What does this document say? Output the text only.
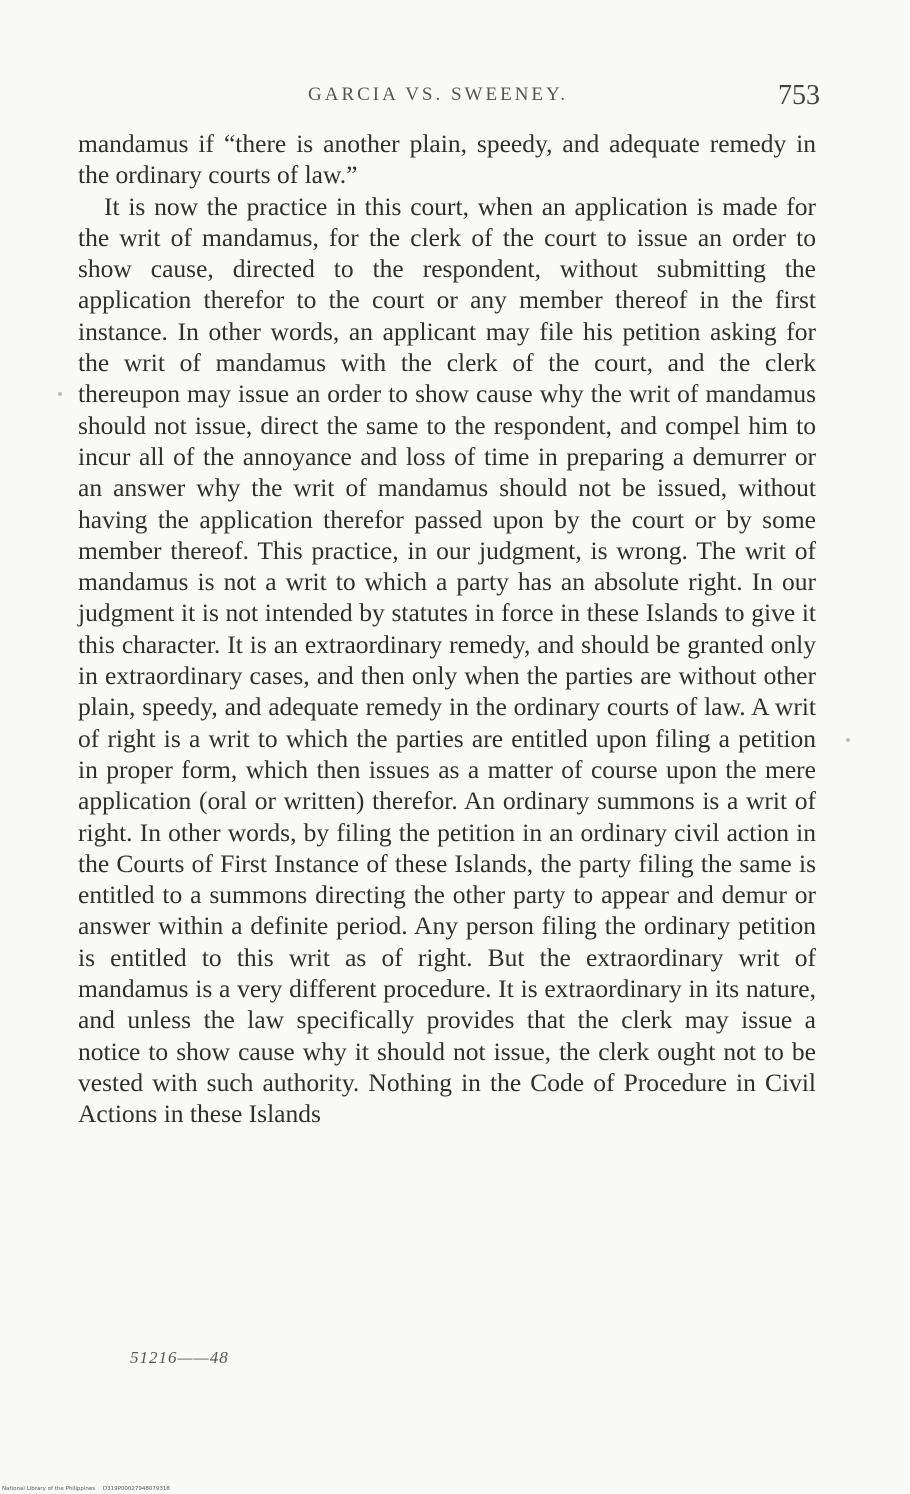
GARCIA VS. SWEENEY.	753

mandamus if “there is another plain, speedy, and adequate remedy in the ordinary courts of law.”

It is now the practice in this court, when an application is made for the writ of mandamus, for the clerk of the court to issue an order to show cause, directed to the respondent, without submitting the application therefor to the court or any member thereof in the first instance. In other words, an applicant may file his petition asking for the writ of mandamus with the clerk of the court, and the clerk thereupon may issue an order to show cause why the writ of mandamus should not issue, direct the same to the respondent, and compel him to incur all of the annoyance and loss of time in preparing a demurrer or an answer why the writ of mandamus should not be issued, without having the application therefor passed upon by the court or by some member thereof. This practice, in our judgment, is wrong. The writ of mandamus is not a writ to which a party has an absolute right. In our judgment it is not intended by statutes in force in these Islands to give it this character. It is an extraordinary remedy, and should be granted only in extraordinary cases, and then only when the parties are without other plain, speedy, and adequate remedy in the ordinary courts of law. A writ of right is a writ to which the parties are entitled upon filing a petition in proper form, which then issues as a matter of course upon the mere application (oral or written) therefor. An ordinary summons is a writ of right. In other words, by filing the petition in an ordinary civil action in the Courts of First Instance of these Islands, the party filing the same is entitled to a summons directing the other party to appear and demur or answer within a definite period. Any person filing the ordinary petition is entitled to this writ as of right. But the extraordinary writ of mandamus is a very different procedure. It is extraordinary in its nature, and unless the law specifically provides that the clerk may issue a notice to show cause why it should not issue, the clerk ought not to be vested with such authority. Nothing in the Code of Procedure in Civil Actions in these Islands

51216——48
National Library of the Philippines D319P00027948079318
